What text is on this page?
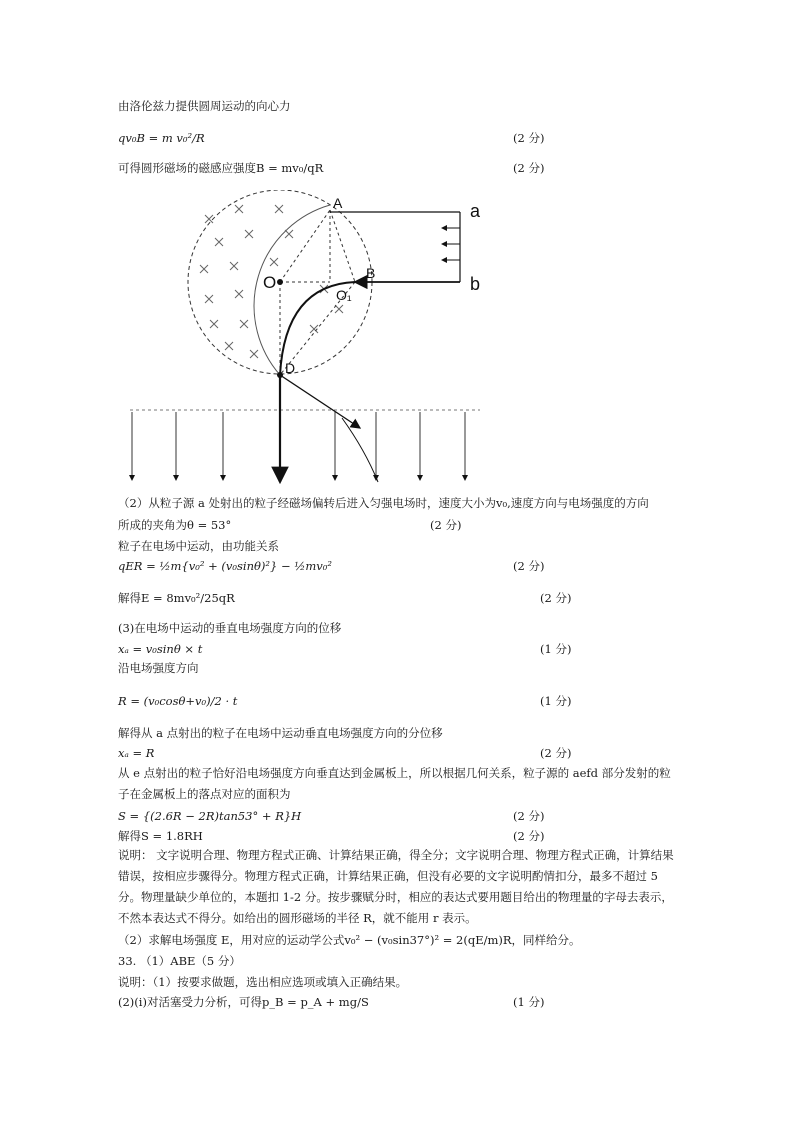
由洛伦兹力提供圆周运动的向心力
qv₀B = m v₀²/R	(2 分)
可得圆形磁场的磁感应强度B = mv₀/qR	(2 分)
A
B
O
O₁
D
a
b
（2）从粒子源 a 处射出的粒子经磁场偏转后进入匀强电场时，速度大小为v₀,速度方向与电场强度的方向
所成的夹角为θ = 53°	(2 分)
粒子在电场中运动，由功能关系
qER = ½m{v₀² + (v₀sinθ)²} − ½mv₀²	(2 分)
解得E = 8mv₀²/25qR	(2 分)
(3)在电场中运动的垂直电场强度方向的位移
xₐ = v₀sinθ × t	(1 分)
沿电场强度方向
R = (v₀cosθ+v₀)/2 · t	(1 分)
解得从 a 点射出的粒子在电场中运动垂直电场强度方向的分位移
xₐ = R	(2 分)
从 e 点射出的粒子恰好沿电场强度方向垂直达到金属板上，所以根据几何关系，粒子源的 aefd 部分发射的粒子在金属板上的落点对应的面积为
S = {(2.6R − 2R)tan53° + R}H	(2 分)
解得S = 1.8RH	(2 分)
说明： 文字说明合理、物理方程式正确、计算结果正确，得全分；文字说明合理、物理方程式正确，计算结果错误，按相应步骤得分。物理方程式正确，计算结果正确，但没有必要的文字说明酌情扣分，最多不超过 5 分。物理量缺少单位的，本题扣 1-2 分。按步骤赋分时，相应的表达式要用题目给出的物理量的字母去表示，不然本表达式不得分。如给出的圆形磁场的半径 R，就不能用 r 表示。
（2）求解电场强度 E，用对应的运动学公式v₀² − (v₀sin37°)² = 2(qE/m)R，同样给分。
33. （1）ABE（5 分）
说明：（1）按要求做题，选出相应选项或填入正确结果。
(2)(i)对活塞受力分析，可得p_B = p_A + mg/S	(1 分)
